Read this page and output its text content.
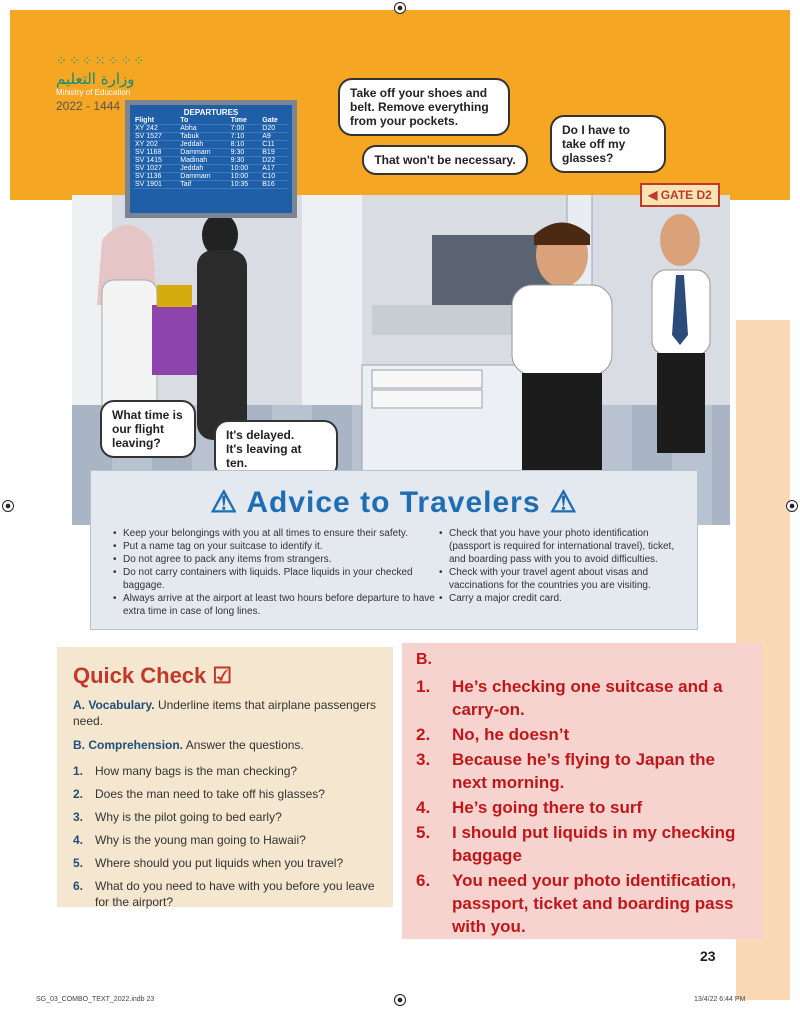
⁘⁘⁘⁙⁘⁘⁘
وزارة التعليم
Ministry of Education
2022 - 1444	DEPARTURES
Flight	To	Time	Gate
XY 242	Abha	7:00	D20
SV 1527	Tabuk	7:10	A9
XY 202	Jeddah	8:10	C11
SV 1168	Dammam	9:30	B19
SV 1415	Madinah	9:30	D22
SV 1027	Jeddah	10:00	A17
SV 1136	Dammam	10:00	C10
SV 1901	Taif	10:35	B16
◀ GATE D2
Take off your shoes and belt. Remove everything from your pockets.
Do I have to take off my glasses?
That won't be necessary.
What time is our flight leaving?
It's delayed.
It's leaving at ten.
⚠ Advice to Travelers ⚠
• Keep your belongings with you at all times to ensure their safety.
• Put a name tag on your suitcase to identify it.
• Do not agree to pack any items from strangers.
• Do not carry containers with liquids. Place liquids in your checked baggage.
• Always arrive at the airport at least two hours before departure to have extra time in case of long lines.
• Check that you have your photo identification (passport is required for international travel), ticket, and boarding pass with you to avoid difficulties.
• Check with your travel agent about visas and vaccinations for the countries you are visiting.
• Carry a major credit card.
Quick Check ☑
A. Vocabulary. Underline items that airplane passengers need.
B. Comprehension. Answer the questions.
1. How many bags is the man checking?
2. Does the man need to take off his glasses?
3. Why is the pilot going to bed early?
4. Why is the young man going to Hawaii?
5. Where should you put liquids when you travel?
6. What do you need to have with you before you leave for the airport?
B.
1. He’s checking one suitcase and a carry-on.
2. No, he doesn’t
3. Because he’s flying to Japan the next morning.
4. He’s going there to surf
5. I should put liquids in my checking baggage
6. You need your photo identification, passport, ticket and boarding pass with you.
23
SG_03_COMBO_TEXT_2022.indb 23	13/4/22 6:44 PM
